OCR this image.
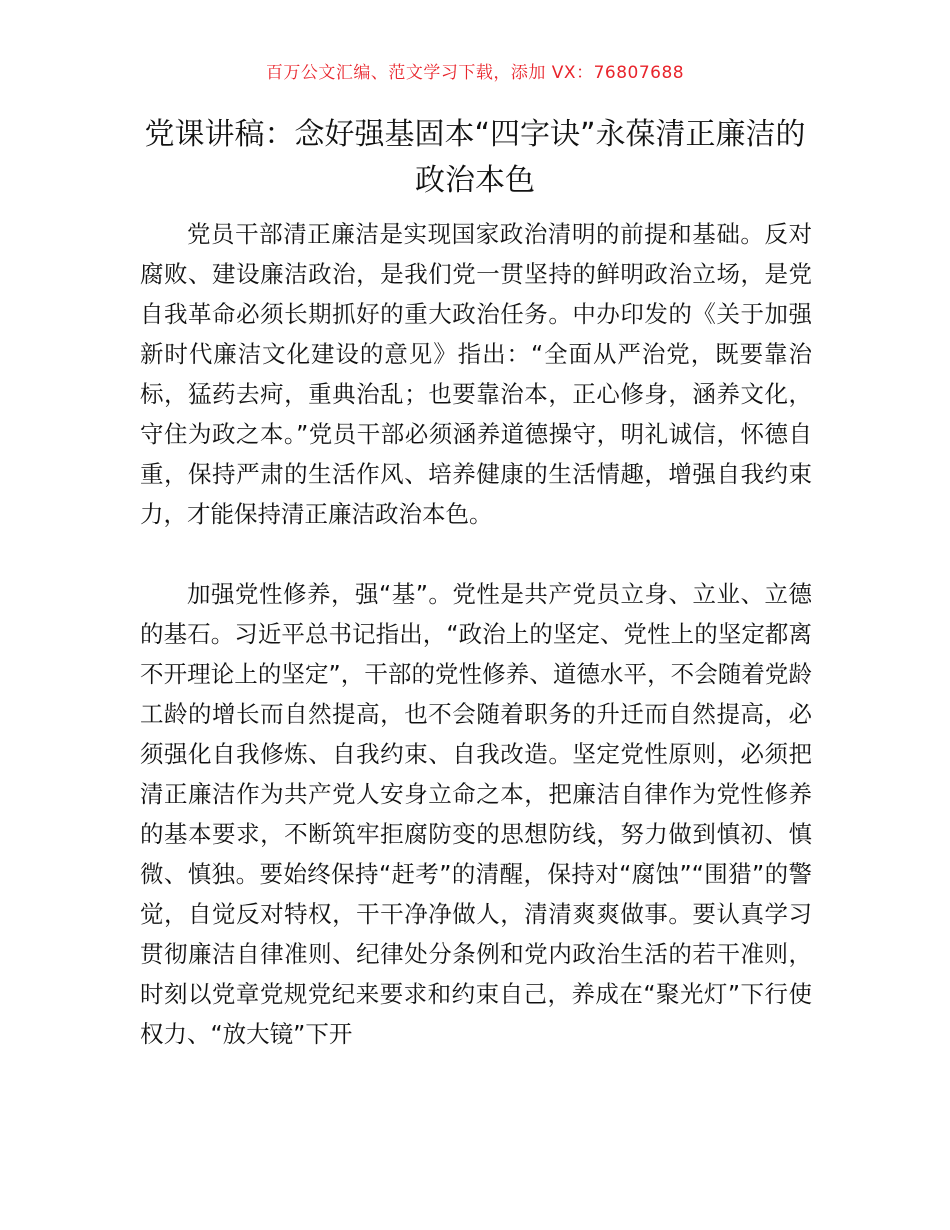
百万公文汇编、范文学习下载，添加 VX：76807688
党课讲稿：念好强基固本“四字诀”永葆清正廉洁的政治本色

党员干部清正廉洁是实现国家政治清明的前提和基础。反对腐败、建设廉洁政治，是我们党一贯坚持的鲜明政治立场，是党自我革命必须长期抓好的重大政治任务。中办印发的《关于加强新时代廉洁文化建设的意见》指出：“全面从严治党，既要靠治标，猛药去疴，重典治乱；也要靠治本，正心修身，涵养文化，守住为政之本。”党员干部必须涵养道德操守，明礼诚信，怀德自重，保持严肃的生活作风、培养健康的生活情趣，增强自我约束力，才能保持清正廉洁政治本色。

加强党性修养，强“基”。党性是共产党员立身、立业、立德的基石。习近平总书记指出，“政治上的坚定、党性上的坚定都离不开理论上的坚定”，干部的党性修养、道德水平，不会随着党龄工龄的增长而自然提高，也不会随着职务的升迁而自然提高，必须强化自我修炼、自我约束、自我改造。坚定党性原则，必须把清正廉洁作为共产党人安身立命之本，把廉洁自律作为党性修养的基本要求，不断筑牢拒腐防变的思想防线，努力做到慎初、慎微、慎独。要始终保持“赶考”的清醒，保持对“腐蚀”“围猎”的警觉，自觉反对特权，干干净净做人，清清爽爽做事。要认真学习贯彻廉洁自律准则、纪律处分条例和党内政治生活的若干准则，时刻以党章党规党纪来要求和约束自己，养成在“聚光灯”下行使权力、“放大镜”下开
